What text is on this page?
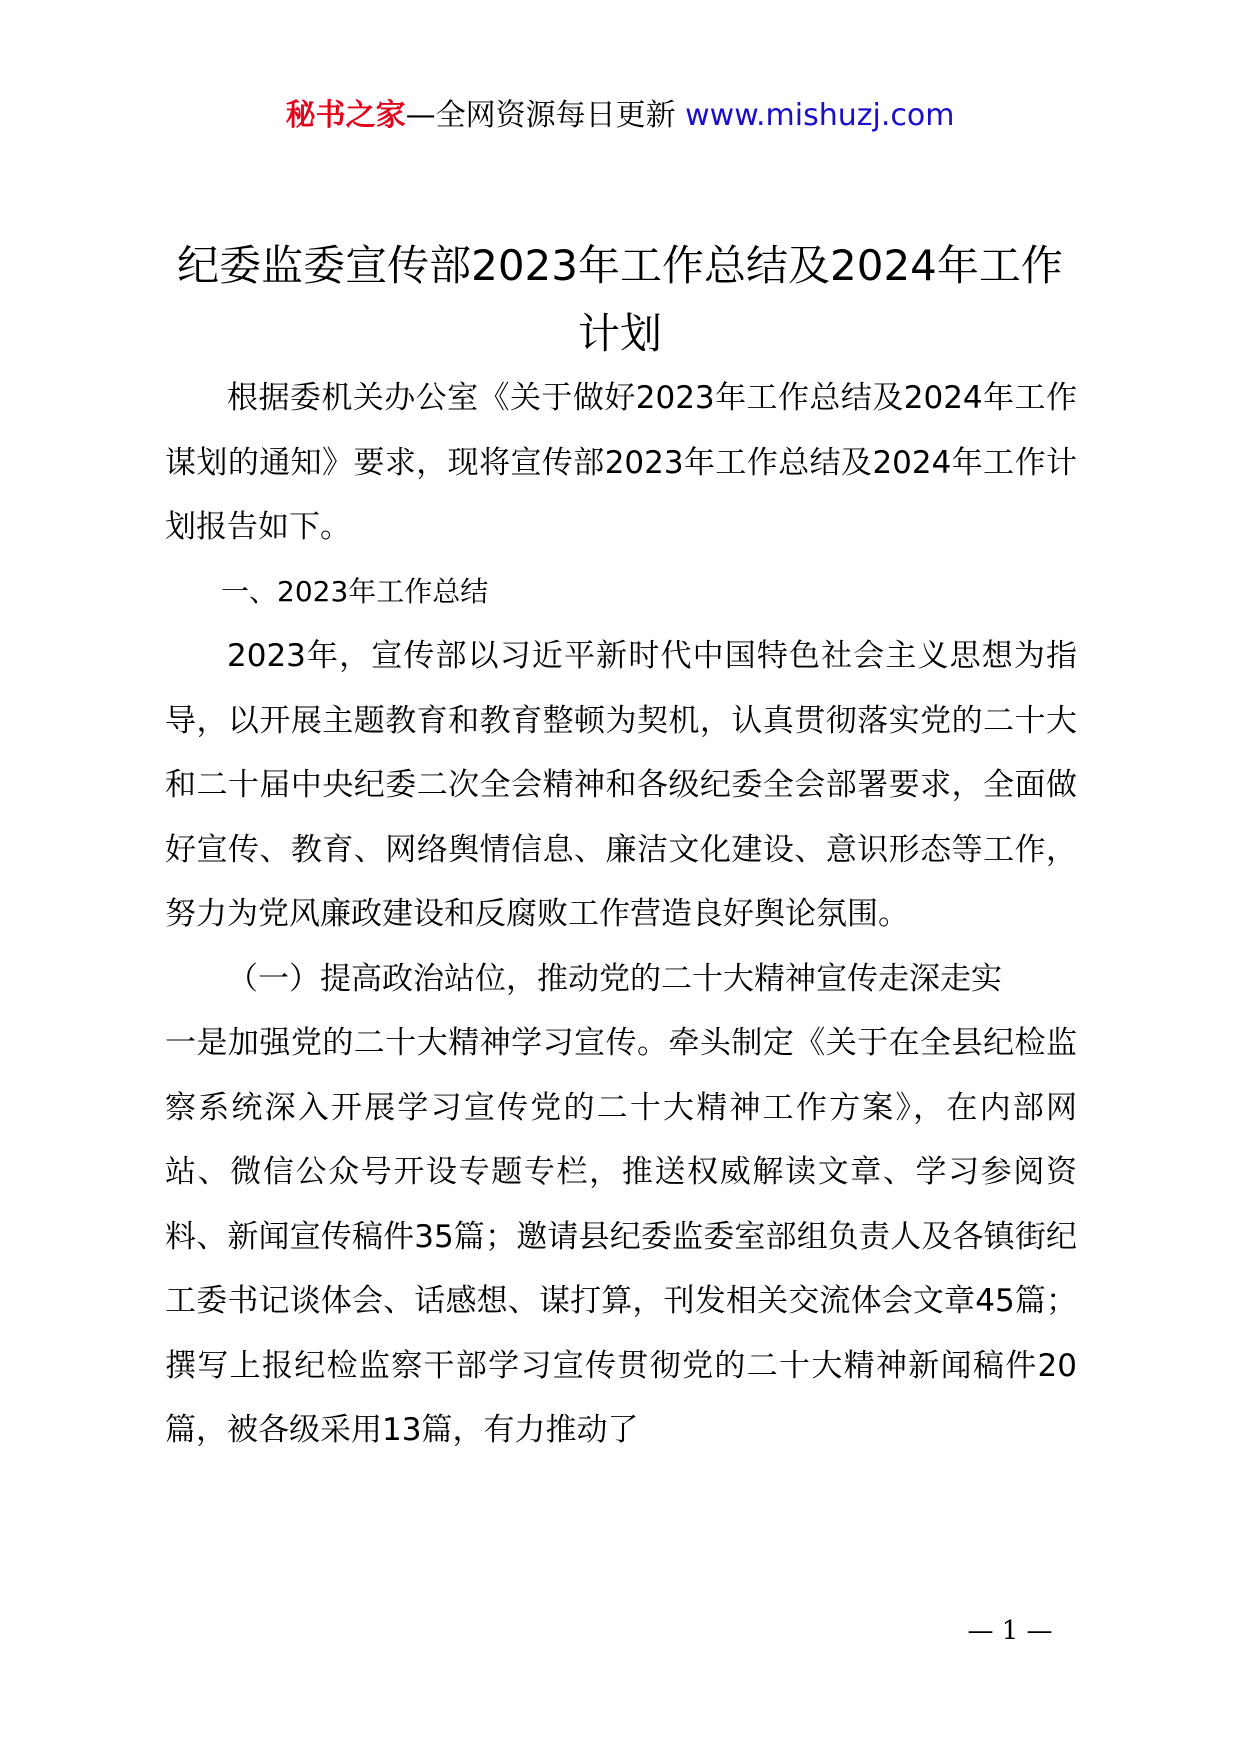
秘书之家—全网资源每日更新 www.mishuzj.com
纪委监委宣传部2023年工作总结及2024年工作计划

根据委机关办公室《关于做好2023年工作总结及2024年工作谋划的通知》要求，现将宣传部2023年工作总结及2024年工作计划报告如下。

一、2023年工作总结

2023年，宣传部以习近平新时代中国特色社会主义思想为指导，以开展主题教育和教育整顿为契机，认真贯彻落实党的二十大和二十届中央纪委二次全会精神和各级纪委全会部署要求，全面做好宣传、教育、网络舆情信息、廉洁文化建设、意识形态等工作，努力为党风廉政建设和反腐败工作营造良好舆论氛围。

（一）提高政治站位，推动党的二十大精神宣传走深走实

一是加强党的二十大精神学习宣传。牵头制定《关于在全县纪检监察系统深入开展学习宣传党的二十大精神工作方案》，在内部网站、微信公众号开设专题专栏，推送权威解读文章、学习参阅资料、新闻宣传稿件35篇；邀请县纪委监委室部组负责人及各镇街纪工委书记谈体会、话感想、谋打算，刊发相关交流体会文章45篇；撰写上报纪检监察干部学习宣传贯彻党的二十大精神新闻稿件20篇，被各级采用13篇，有力推动了

— 1 —
